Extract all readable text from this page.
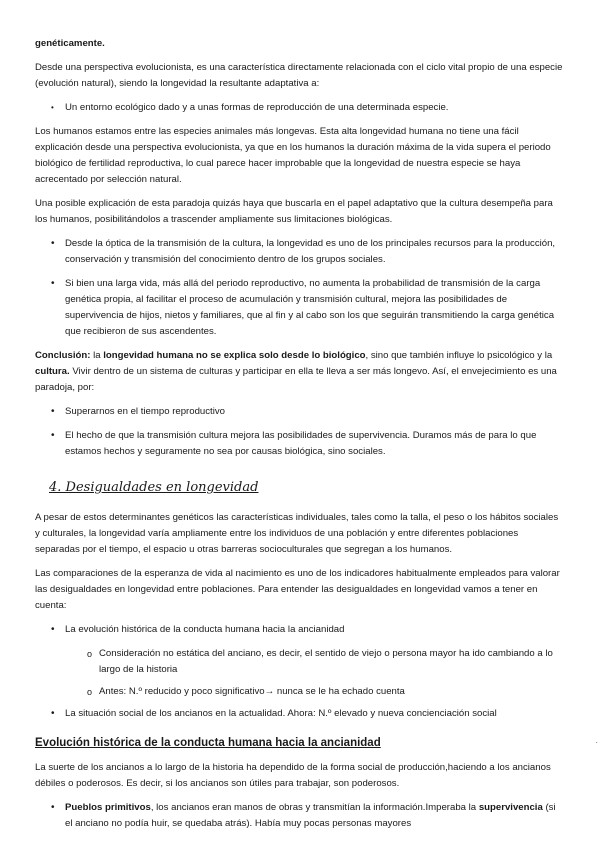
genéticamente.

Desde una perspectiva evolucionista, es una característica directamente relacionada con el ciclo vital propio de una especie (evolución natural), siendo la longevidad la resultante adaptativa a:

• Un entorno ecológico dado y a unas formas de reproducción de una determinada especie.

Los humanos estamos entre las especies animales más longevas. Esta alta longevidad humana no tiene una fácil explicación desde una perspectiva evolucionista, ya que en los humanos la duración máxima de la vida supera el periodo biológico de fertilidad reproductiva, lo cual parece hacer improbable que la longevidad de nuestra especie se haya acrecentado por selección natural.

Una posible explicación de esta paradoja quizás haya que buscarla en el papel adaptativo que la cultura desempeña para los humanos, posibilitándolos a trascender ampliamente sus limitaciones biológicas.

• Desde la óptica de la transmisión de la cultura, la longevidad es uno de los principales recursos para la producción, conservación y transmisión del conocimiento dentro de los grupos sociales.
• Si bien una larga vida, más allá del periodo reproductivo, no aumenta la probabilidad de transmisión de la carga genética propia, al facilitar el proceso de acumulación y transmisión cultural, mejora las posibilidades de supervivencia de hijos, nietos y familiares, que al fin y al cabo son los que seguirán transmitiendo la carga genética que recibieron de sus ascendentes.

Conclusión: la longevidad humana no se explica solo desde lo biológico, sino que también influye lo psicológico y la cultura. Vivir dentro de un sistema de culturas y participar en ella te lleva a ser más longevo. Así, el envejecimiento es una paradoja, por:

• Superarnos en el tiempo reproductivo
• El hecho de que la transmisión cultura mejora las posibilidades de supervivencia. Duramos más de para lo que estamos hechos y seguramente no sea por causas biológica, sino sociales.
4. Desigualdades en longevidad

A pesar de estos determinantes genéticos las características individuales, tales como la talla, el peso o los hábitos sociales y culturales, la longevidad varía ampliamente entre los individuos de una población y entre diferentes poblaciones separadas por el tiempo, el espacio u otras barreras socioculturales que segregan a los humanos.

Las comparaciones de la esperanza de vida al nacimiento es uno de los indicadores habitualmente empleados para valorar las desigualdades en longevidad entre poblaciones. Para entender las desigualdades en longevidad vamos a tener en cuenta:

• La evolución histórica de la conducta humana hacia la ancianidad
o Consideración no estática del anciano, es decir, el sentido de viejo o persona mayor ha ido cambiando a lo largo de la historia
o Antes: N.º reducido y poco significativo→ nunca se le ha echado cuenta
• La situación social de los ancianos en la actualidad. Ahora: N.º elevado y nueva concienciación social
Evolución histórica de la conducta humana hacia la ancianidad

La suerte de los ancianos a lo largo de la historia ha dependido de la forma social de producción,haciendo a los ancianos débiles o poderosos. Es decir, si los ancianos son útiles para trabajar, son poderosos.

• Pueblos primitivos, los ancianos eran manos de obras y transmitían la información.Imperaba la supervivencia (si el anciano no podía huir, se quedaba atrás). Había muy pocas personas mayores
·
